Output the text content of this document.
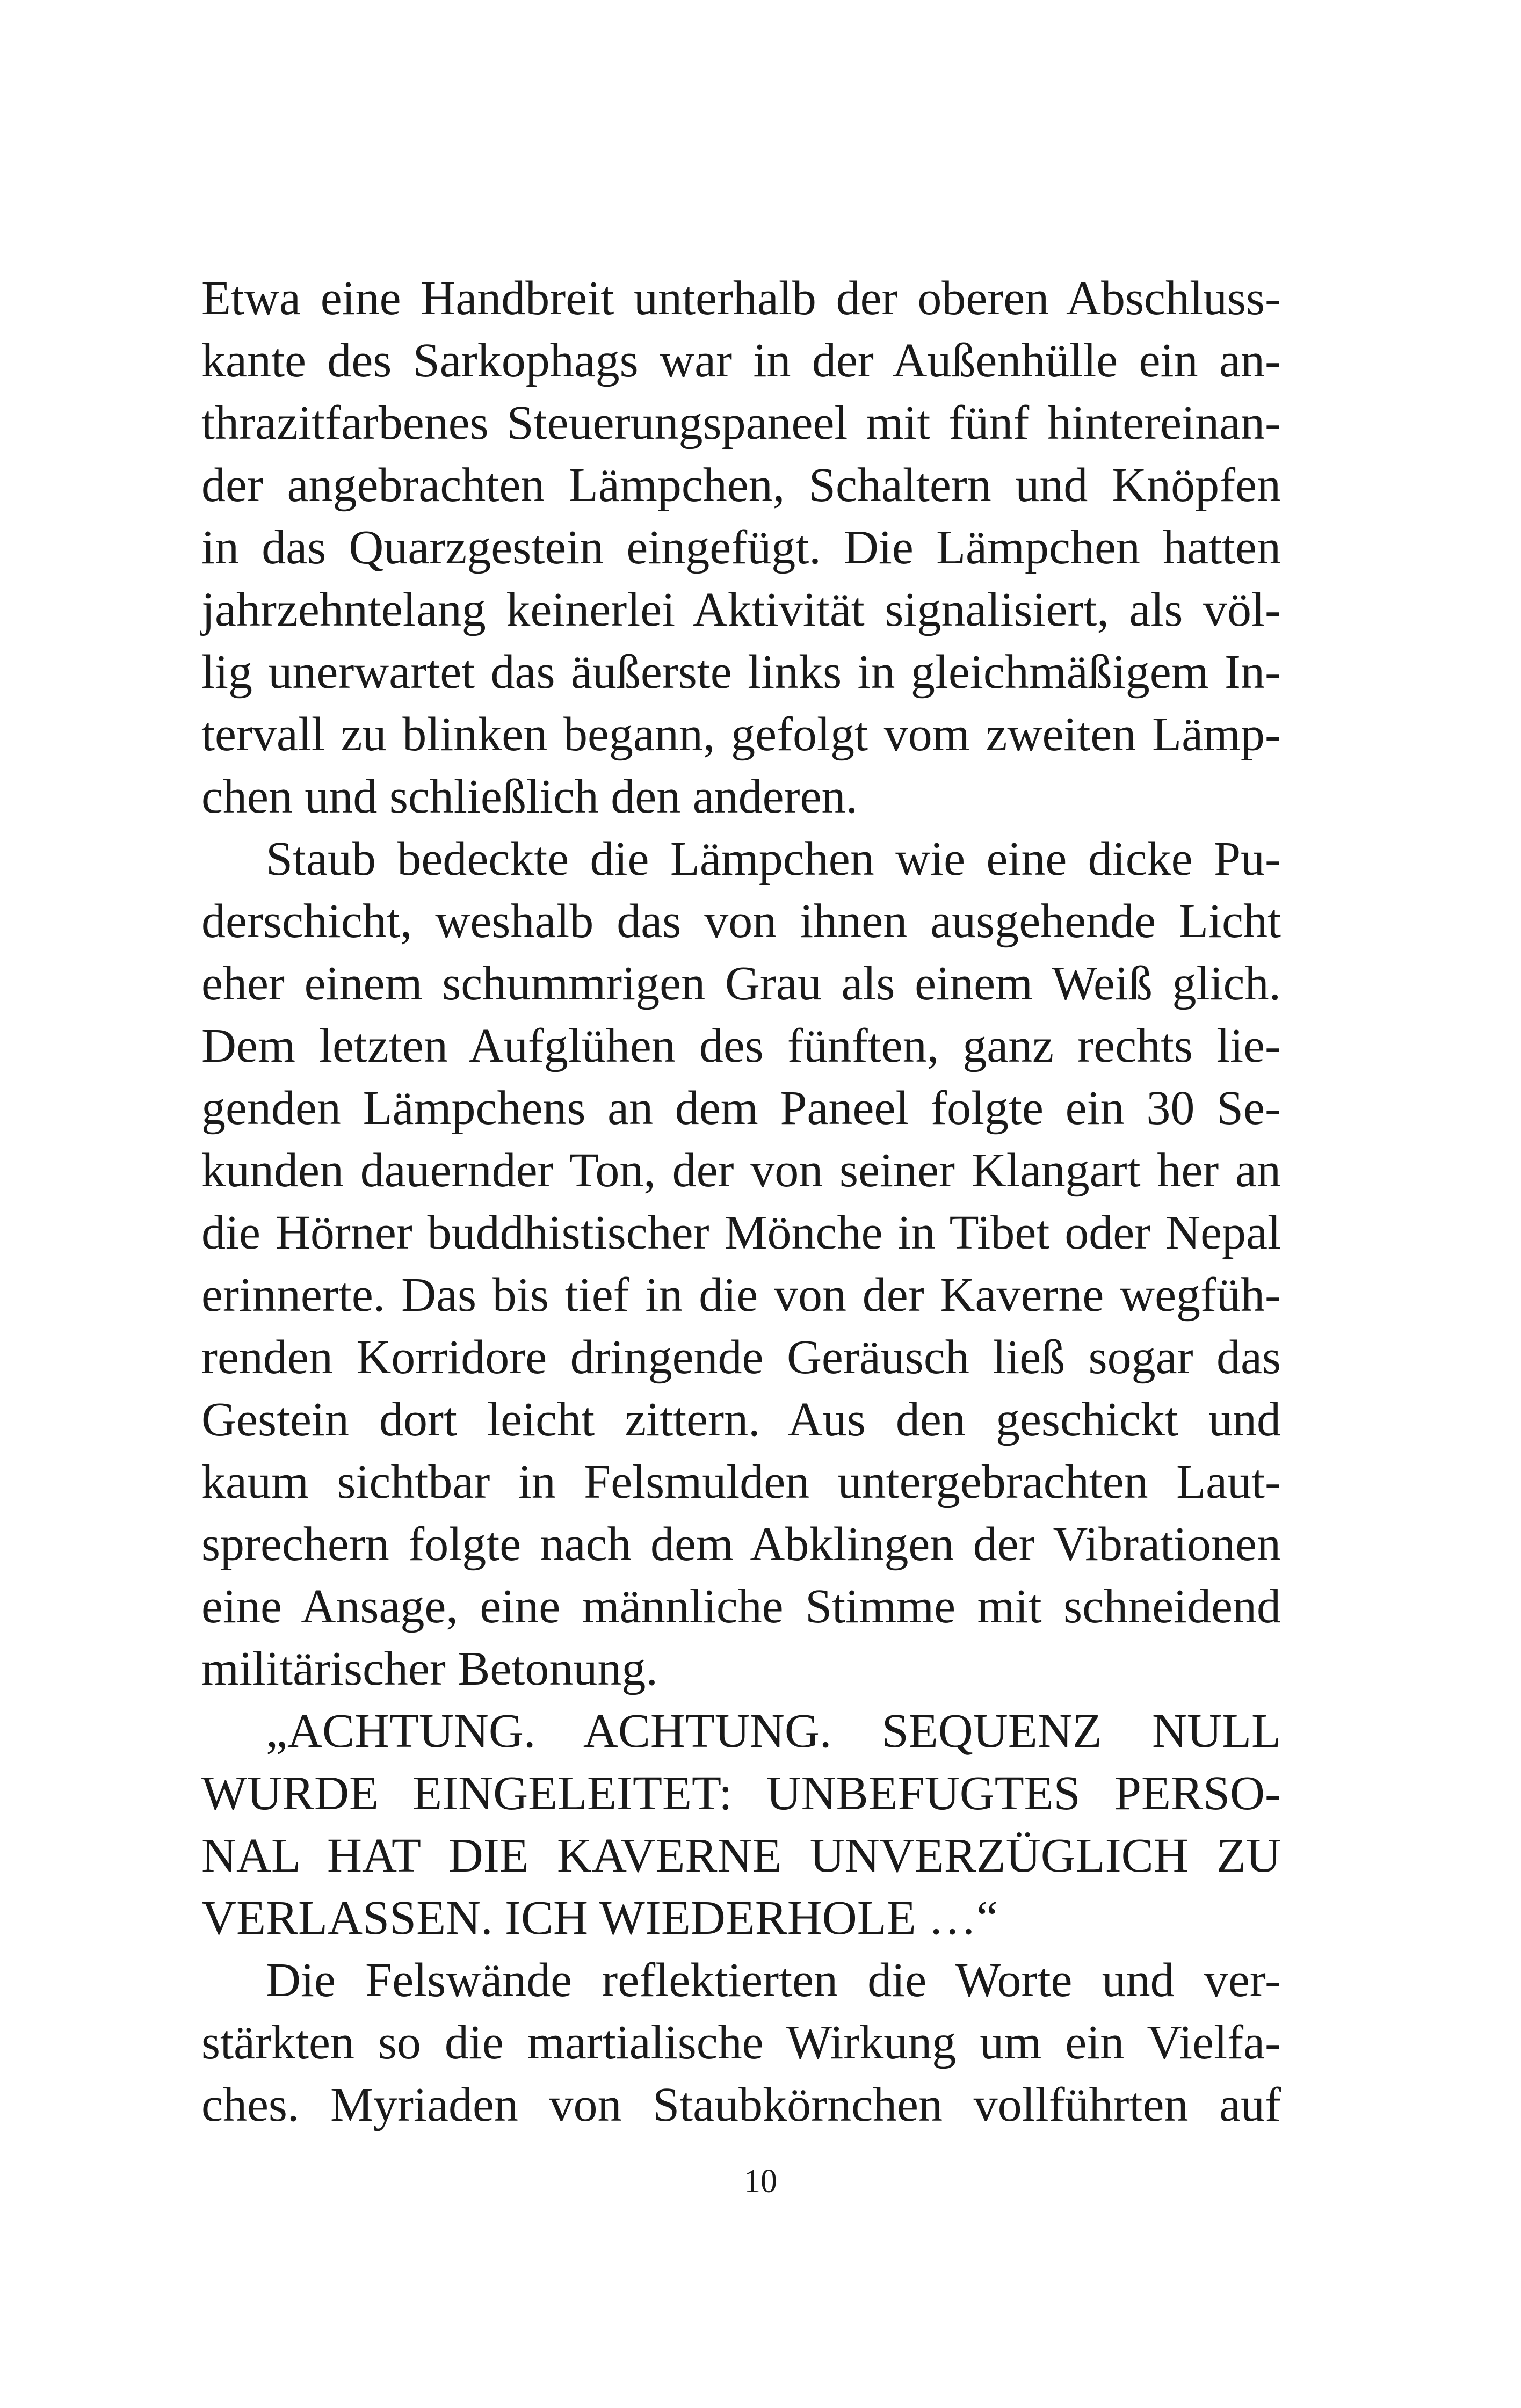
Etwa eine Handbreit unterhalb der oberen Abschluss-
kante des Sarkophags war in der Außenhülle ein an-
thrazitfarbenes Steuerungspaneel mit fünf hintereinan-
der angebrachten Lämpchen, Schaltern und Knöpfen
in das Quarzgestein eingefügt. Die Lämpchen hatten
jahrzehntelang keinerlei Aktivität signalisiert, als völ-
lig unerwartet das äußerste links in gleichmäßigem In-
tervall zu blinken begann, gefolgt vom zweiten Lämp-
chen und schließlich den anderen.
Staub bedeckte die Lämpchen wie eine dicke Pu-
derschicht, weshalb das von ihnen ausgehende Licht
eher einem schummrigen Grau als einem Weiß glich.
Dem letzten Aufglühen des fünften, ganz rechts lie-
genden Lämpchens an dem Paneel folgte ein 30 Se-
kunden dauernder Ton, der von seiner Klangart her an
die Hörner buddhistischer Mönche in Tibet oder Nepal
erinnerte. Das bis tief in die von der Kaverne wegfüh-
renden Korridore dringende Geräusch ließ sogar das
Gestein dort leicht zittern. Aus den geschickt und
kaum sichtbar in Felsmulden untergebrachten Laut-
sprechern folgte nach dem Abklingen der Vibrationen
eine Ansage, eine männliche Stimme mit schneidend
militärischer Betonung.
„ACHTUNG. ACHTUNG. SEQUENZ NULL
WURDE EINGELEITET: UNBEFUGTES PERSO-
NAL HAT DIE KAVERNE UNVERZÜGLICH ZU
VERLASSEN. ICH WIEDERHOLE …“
Die Felswände reflektierten die Worte und ver-
stärkten so die martialische Wirkung um ein Vielfa-
ches. Myriaden von Staubkörnchen vollführten auf
10
